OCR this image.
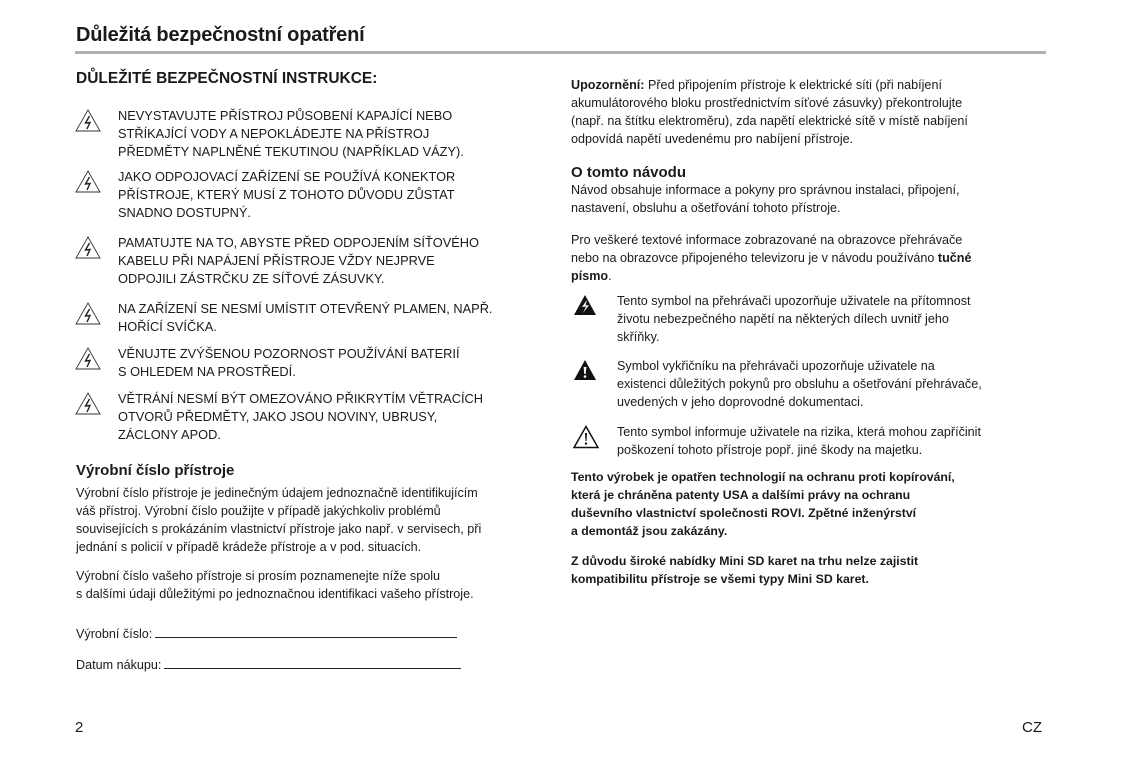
Důležitá bezpečnostní opatření
DŮLEŽITÉ BEZPEČNOSTNÍ INSTRUKCE:
NEVYSTAVUJTE PŘÍSTROJ PŮSOBENÍ KAPAJÍCÍ NEBO
STŘÍKAJÍCÍ VODY A NEPOKLÁDEJTE NA PŘÍSTROJ
PŘEDMĚTY NAPLNĚNÉ TEKUTINOU (NAPŘÍKLAD VÁZY).
JAKO ODPOJOVACÍ ZAŘÍZENÍ SE POUŽÍVÁ KONEKTOR
PŘÍSTROJE, KTERÝ MUSÍ Z TOHOTO DŮVODU ZŮSTAT
SNADNO DOSTUPNÝ.
PAMATUJTE NA TO, ABYSTE PŘED ODPOJENÍM SÍŤOVÉHO
KABELU PŘI NAPÁJENÍ PŘÍSTROJE VŽDY NEJPRVE
ODPOJILI ZÁSTRČKU ZE SÍŤOVÉ ZÁSUVKY.
NA ZAŘÍZENÍ SE NESMÍ UMÍSTIT OTEVŘENÝ PLAMEN, NAPŘ.
HOŘÍCÍ SVÍČKA.
VĚNUJTE ZVÝŠENOU POZORNOST POUŽÍVÁNÍ BATERIÍ
S OHLEDEM NA PROSTŘEDÍ.
VĚTRÁNÍ NESMÍ BÝT OMEZOVÁNO PŘIKRYTÍM VĚTRACÍCH
OTVORŮ PŘEDMĚTY, JAKO JSOU NOVINY, UBRUSY,
ZÁCLONY APOD.
Výrobní číslo přístroje
Výrobní číslo přístroje je jedinečným údajem jednoznačně identifikujícím
váš přístroj. Výrobní číslo použijte v případě jakýchkoliv problémů
souvisejících s prokázáním vlastnictví přístroje jako např. v servisech, při
jednání s policií v případě krádeže přístroje a v pod. situacích.
Výrobní číslo vašeho přístroje si prosím poznamenejte níže spolu
s dalšími údaji důležitými po jednoznačnou identifikaci vašeho přístroje.
Výrobní číslo:
Datum nákupu:
Upozornění: Před připojením přístroje k elektrické síti (při nabíjení
akumulátorového bloku prostřednictvím síťové zásuvky) překontrolujte
(např. na štítku elektroměru), zda napětí elektrické sítě v místě nabíjení
odpovídá napětí uvedenému pro nabíjení přístroje.
O tomto návodu
Návod obsahuje informace a pokyny pro správnou instalaci, připojení,
nastavení, obsluhu a ošetřování tohoto přístroje.
Pro veškeré textové informace zobrazované na obrazovce přehrávače
nebo na obrazovce připojeného televizoru je v návodu používáno tučné
písmo.
Tento symbol na přehrávači upozorňuje uživatele na přítomnost
životu nebezpečného napětí na některých dílech uvnitř jeho
skříňky.
Symbol vykřičníku na přehrávači upozorňuje uživatele na
existenci důležitých pokynů pro obsluhu a ošetřování přehrávače,
uvedených v jeho doprovodné dokumentaci.
Tento symbol informuje uživatele na rizika, která mohou zapříčinit
poškození tohoto přístroje popř. jiné škody na majetku.
Tento výrobek je opatřen technologií na ochranu proti kopírování,
která je chráněna patenty USA a dalšími právy na ochranu
duševního vlastnictví společnosti ROVI. Zpětné inženýrství
a demontáž jsou zakázány.
Z důvodu široké nabídky Mini SD karet na trhu nelze zajistit
kompatibilitu přístroje se všemi typy Mini SD karet.
2	CZ
